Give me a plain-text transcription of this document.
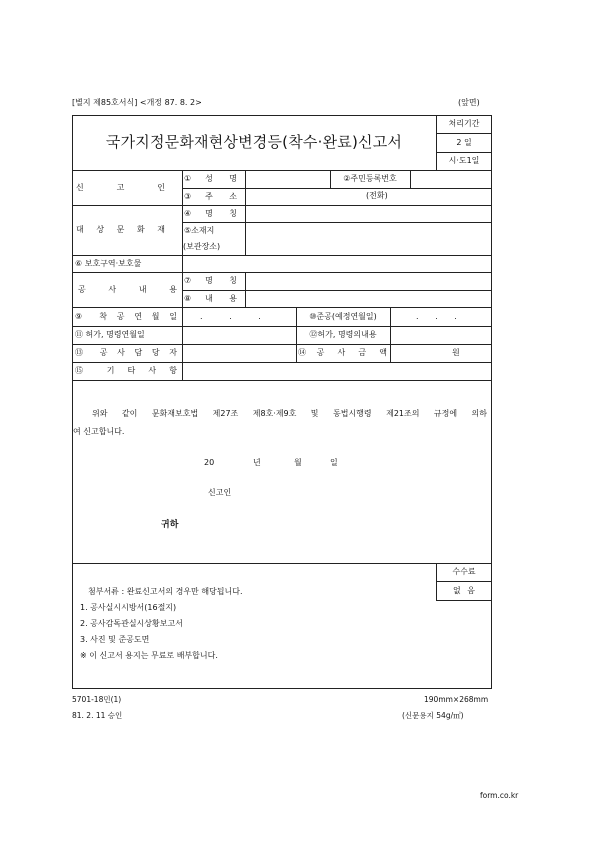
[별지 제85호서식] <개정 87. 8. 2>	(앞면)
국가지정문화재현상변경등(착수·완료)신고서
처리기간
2 일
시·도1일
신 고 인
①성 명	②주민등록번호
③주 소	(전화)
대 상 문 화 재
④명 칭
⑤소재지
(보관장소)
⑥ 보호구역·보호물
공 사 내 용
⑦명 칭
⑧내 용
⑨ 착 공 연 월 일	. . .	⑩준공(예정연월일)	. . .
⑪ 허가, 명령연월일	⑫허가, 명령의내용
⑬ 공 사 담 당 자	⑭공 사 금 액	원
⑮ 기 타 사 항
위와 같이 문화재보호법 제27조 제8호·제9호 및 동법시행령 제21조의 규정에 의하
여 신고합니다.
20	년	월	일
신고인
귀하
첨부서류 : 완료신고서의 경우만 해당됩니다.
1. 공사실시시방서(16절지)
2. 공사감독관실시상황보고서
3. 사진 및 준공도면
※ 이 신고서 용지는 무료로 배부합니다.
수수료
없 음
5701-18민(1)	190mm×268mm
81. 2. 11 승인	(신문용지 54g/㎡)
form.co.kr
